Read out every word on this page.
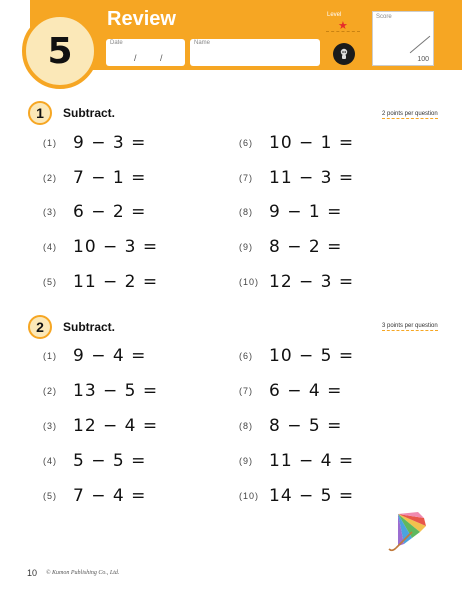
5
Review
Date
/	/
Name
Level
★
Score
100
1	Subtract.	2 points per question
(1) 9 − 3 =
(2) 7 − 1 =
(3) 6 − 2 =
(4) 10 − 3 =
(5) 11 − 2 =
(6) 10 − 1 =
(7) 11 − 3 =
(8) 9 − 1 =
(9) 8 − 2 =
(10) 12 − 3 =
2	Subtract.	3 points per question
(1) 9 − 4 =
(2) 13 − 5 =
(3) 12 − 4 =
(4) 5 − 5 =
(5) 7 − 4 =
(6) 10 − 5 =
(7) 6 − 4 =
(8) 8 − 5 =
(9) 11 − 4 =
(10) 14 − 5 =
10 © Kumon Publishing Co., Ltd.
